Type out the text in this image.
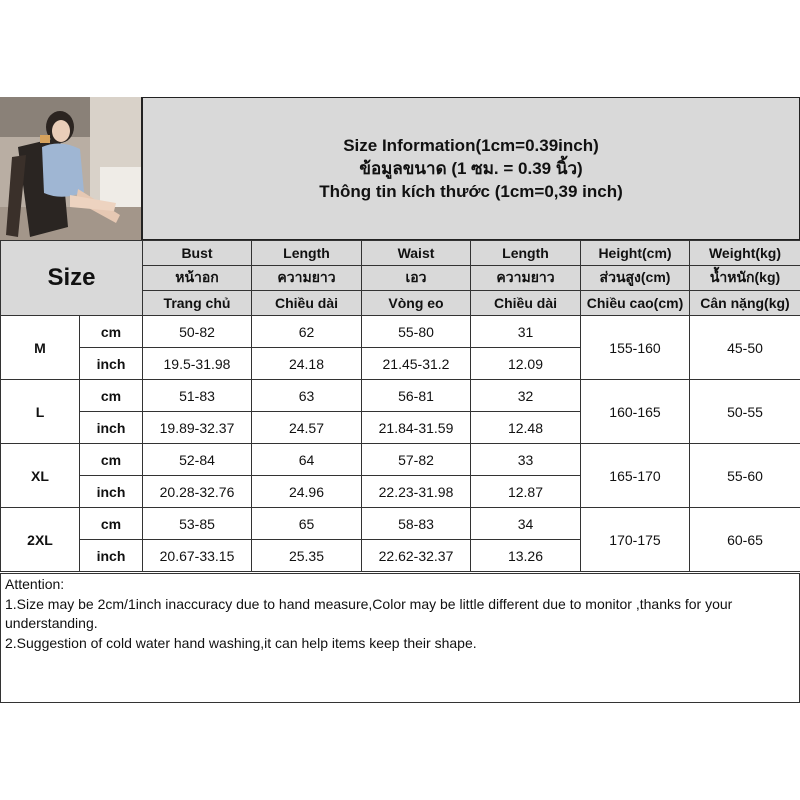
Size Information(1cm=0.39inch)
ข้อมูลขนาด (1 ซม. = 0.39 นิ้ว)
Thông tin kích thước (1cm=0,39 inch)
Size		Bust	Length	Waist	Length	Height(cm)	Weight(kg)
		หน้าอก	ความยาว	เอว	ความยาว	ส่วนสูง(cm)	น้ำหนัก(kg)
		Trang chủ	Chiều dài	Vòng eo	Chiều dài	Chiều cao(cm)	Cân nặng(kg)
M	cm	50-82	62	55-80	31	155-160	45-50
	inch	19.5-31.98	24.18	21.45-31.2	12.09		
L	cm	51-83	63	56-81	32	160-165	50-55
	inch	19.89-32.37	24.57	21.84-31.59	12.48		
XL	cm	52-84	64	57-82	33	165-170	55-60
	inch	20.28-32.76	24.96	22.23-31.98	12.87		
2XL	cm	53-85	65	58-83	34	170-175	60-65
	inch	20.67-33.15	25.35	22.62-32.37	13.26		
Attention:
1.Size may be 2cm/1inch inaccuracy due to hand measure,Color may be little different due to monitor ,thanks for your understanding.
2.Suggestion of cold water hand washing,it can help items keep their shape.
